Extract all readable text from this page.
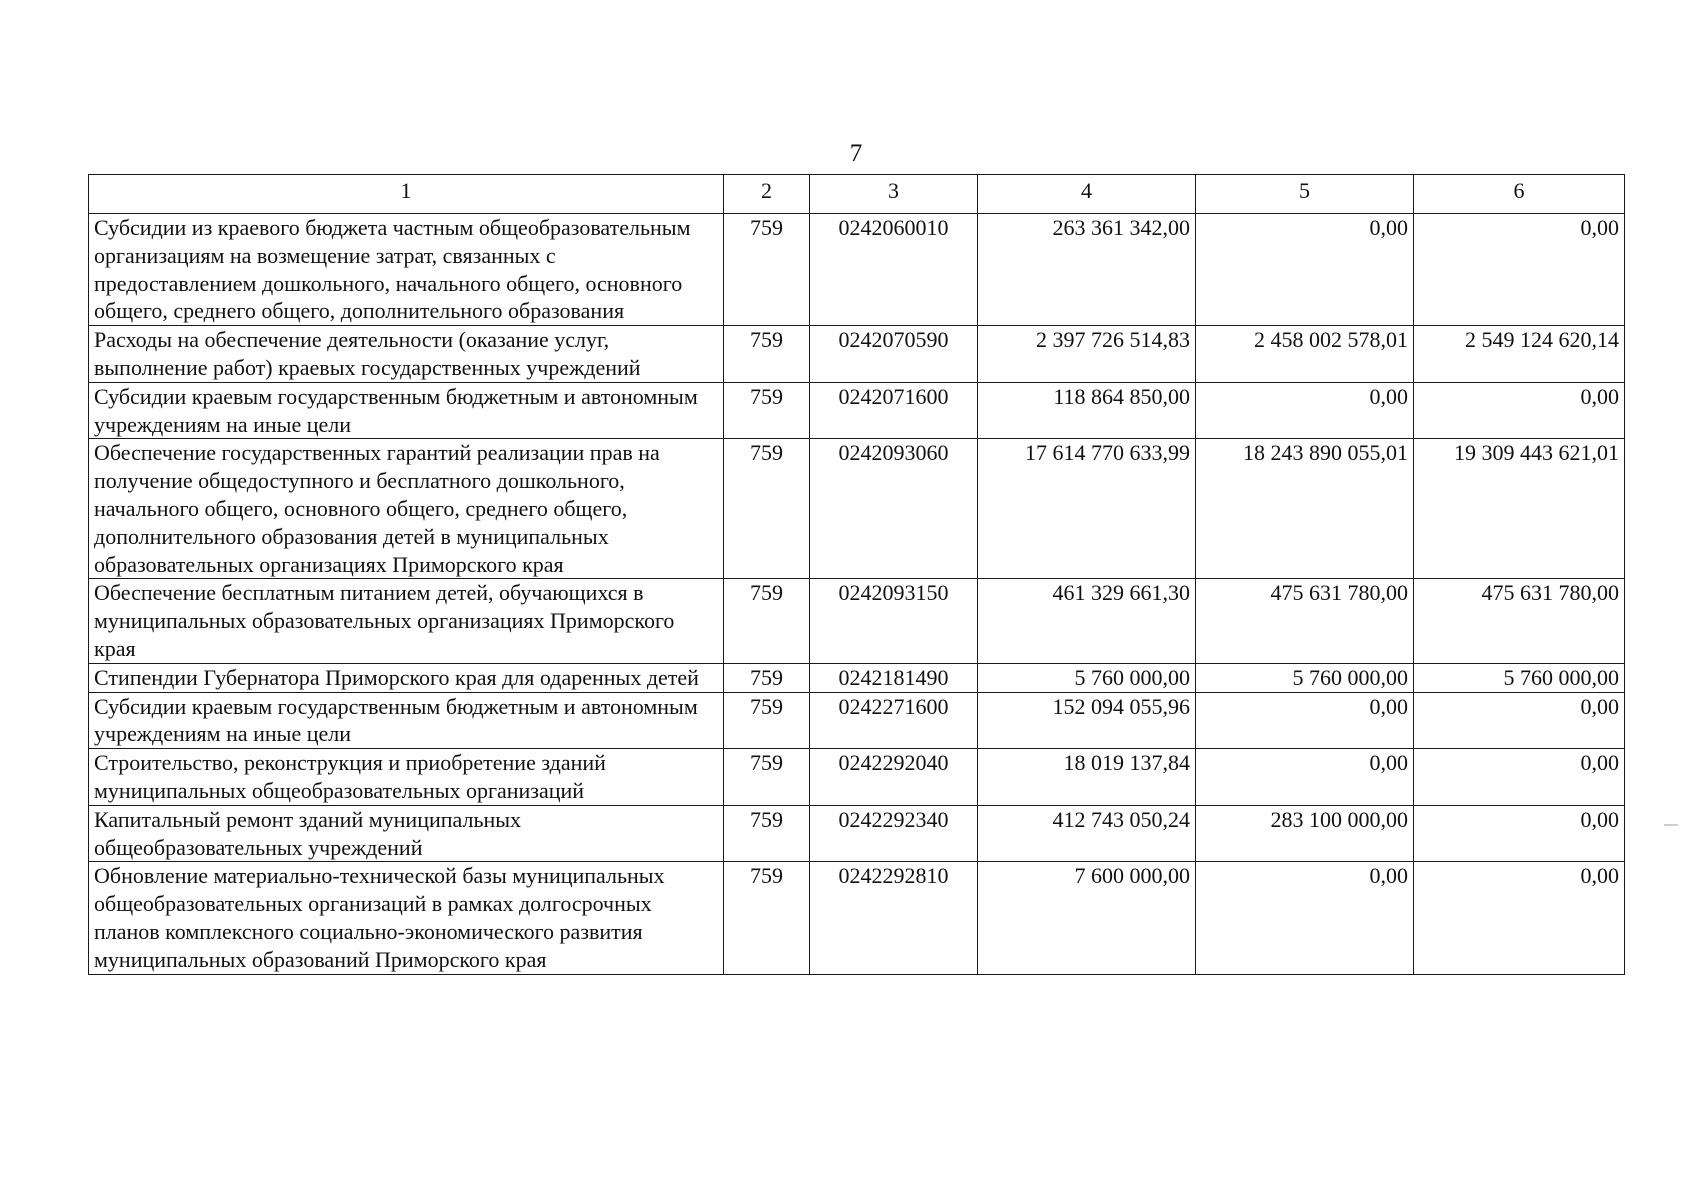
7
1	2	3	4	5	6
Субсидии из краевого бюджета частным общеобразовательным организациям на возмещение затрат, связанных с предоставлением дошкольного, начального общего, основного общего, среднего общего, дополнительного образования	759	0242060010	263 361 342,00	0,00	0,00
Расходы на обеспечение деятельности (оказание услуг, выполнение работ) краевых государственных учреждений	759	0242070590	2 397 726 514,83	2 458 002 578,01	2 549 124 620,14
Субсидии краевым государственным бюджетным и автономным учреждениям на иные цели	759	0242071600	118 864 850,00	0,00	0,00
Обеспечение государственных гарантий реализации прав на получение общедоступного и бесплатного дошкольного, начального общего, основного общего, среднего общего, дополнительного образования детей в муниципальных образовательных организациях Приморского края	759	0242093060	17 614 770 633,99	18 243 890 055,01	19 309 443 621,01
Обеспечение бесплатным питанием детей, обучающихся в муниципальных образовательных организациях Приморского края	759	0242093150	461 329 661,30	475 631 780,00	475 631 780,00
Стипендии Губернатора Приморского края для одаренных детей	759	0242181490	5 760 000,00	5 760 000,00	5 760 000,00
Субсидии краевым государственным бюджетным и автономным учреждениям на иные цели	759	0242271600	152 094 055,96	0,00	0,00
Строительство, реконструкция и приобретение зданий муниципальных общеобразовательных организаций	759	0242292040	18 019 137,84	0,00	0,00
Капитальный ремонт зданий муниципальных общеобразовательных учреждений	759	0242292340	412 743 050,24	283 100 000,00	0,00
Обновление материально-технической базы муниципальных общеобразовательных организаций в рамках долгосрочных планов комплексного социально-экономического развития муниципальных образований Приморского края	759	0242292810	7 600 000,00	0,00	0,00
